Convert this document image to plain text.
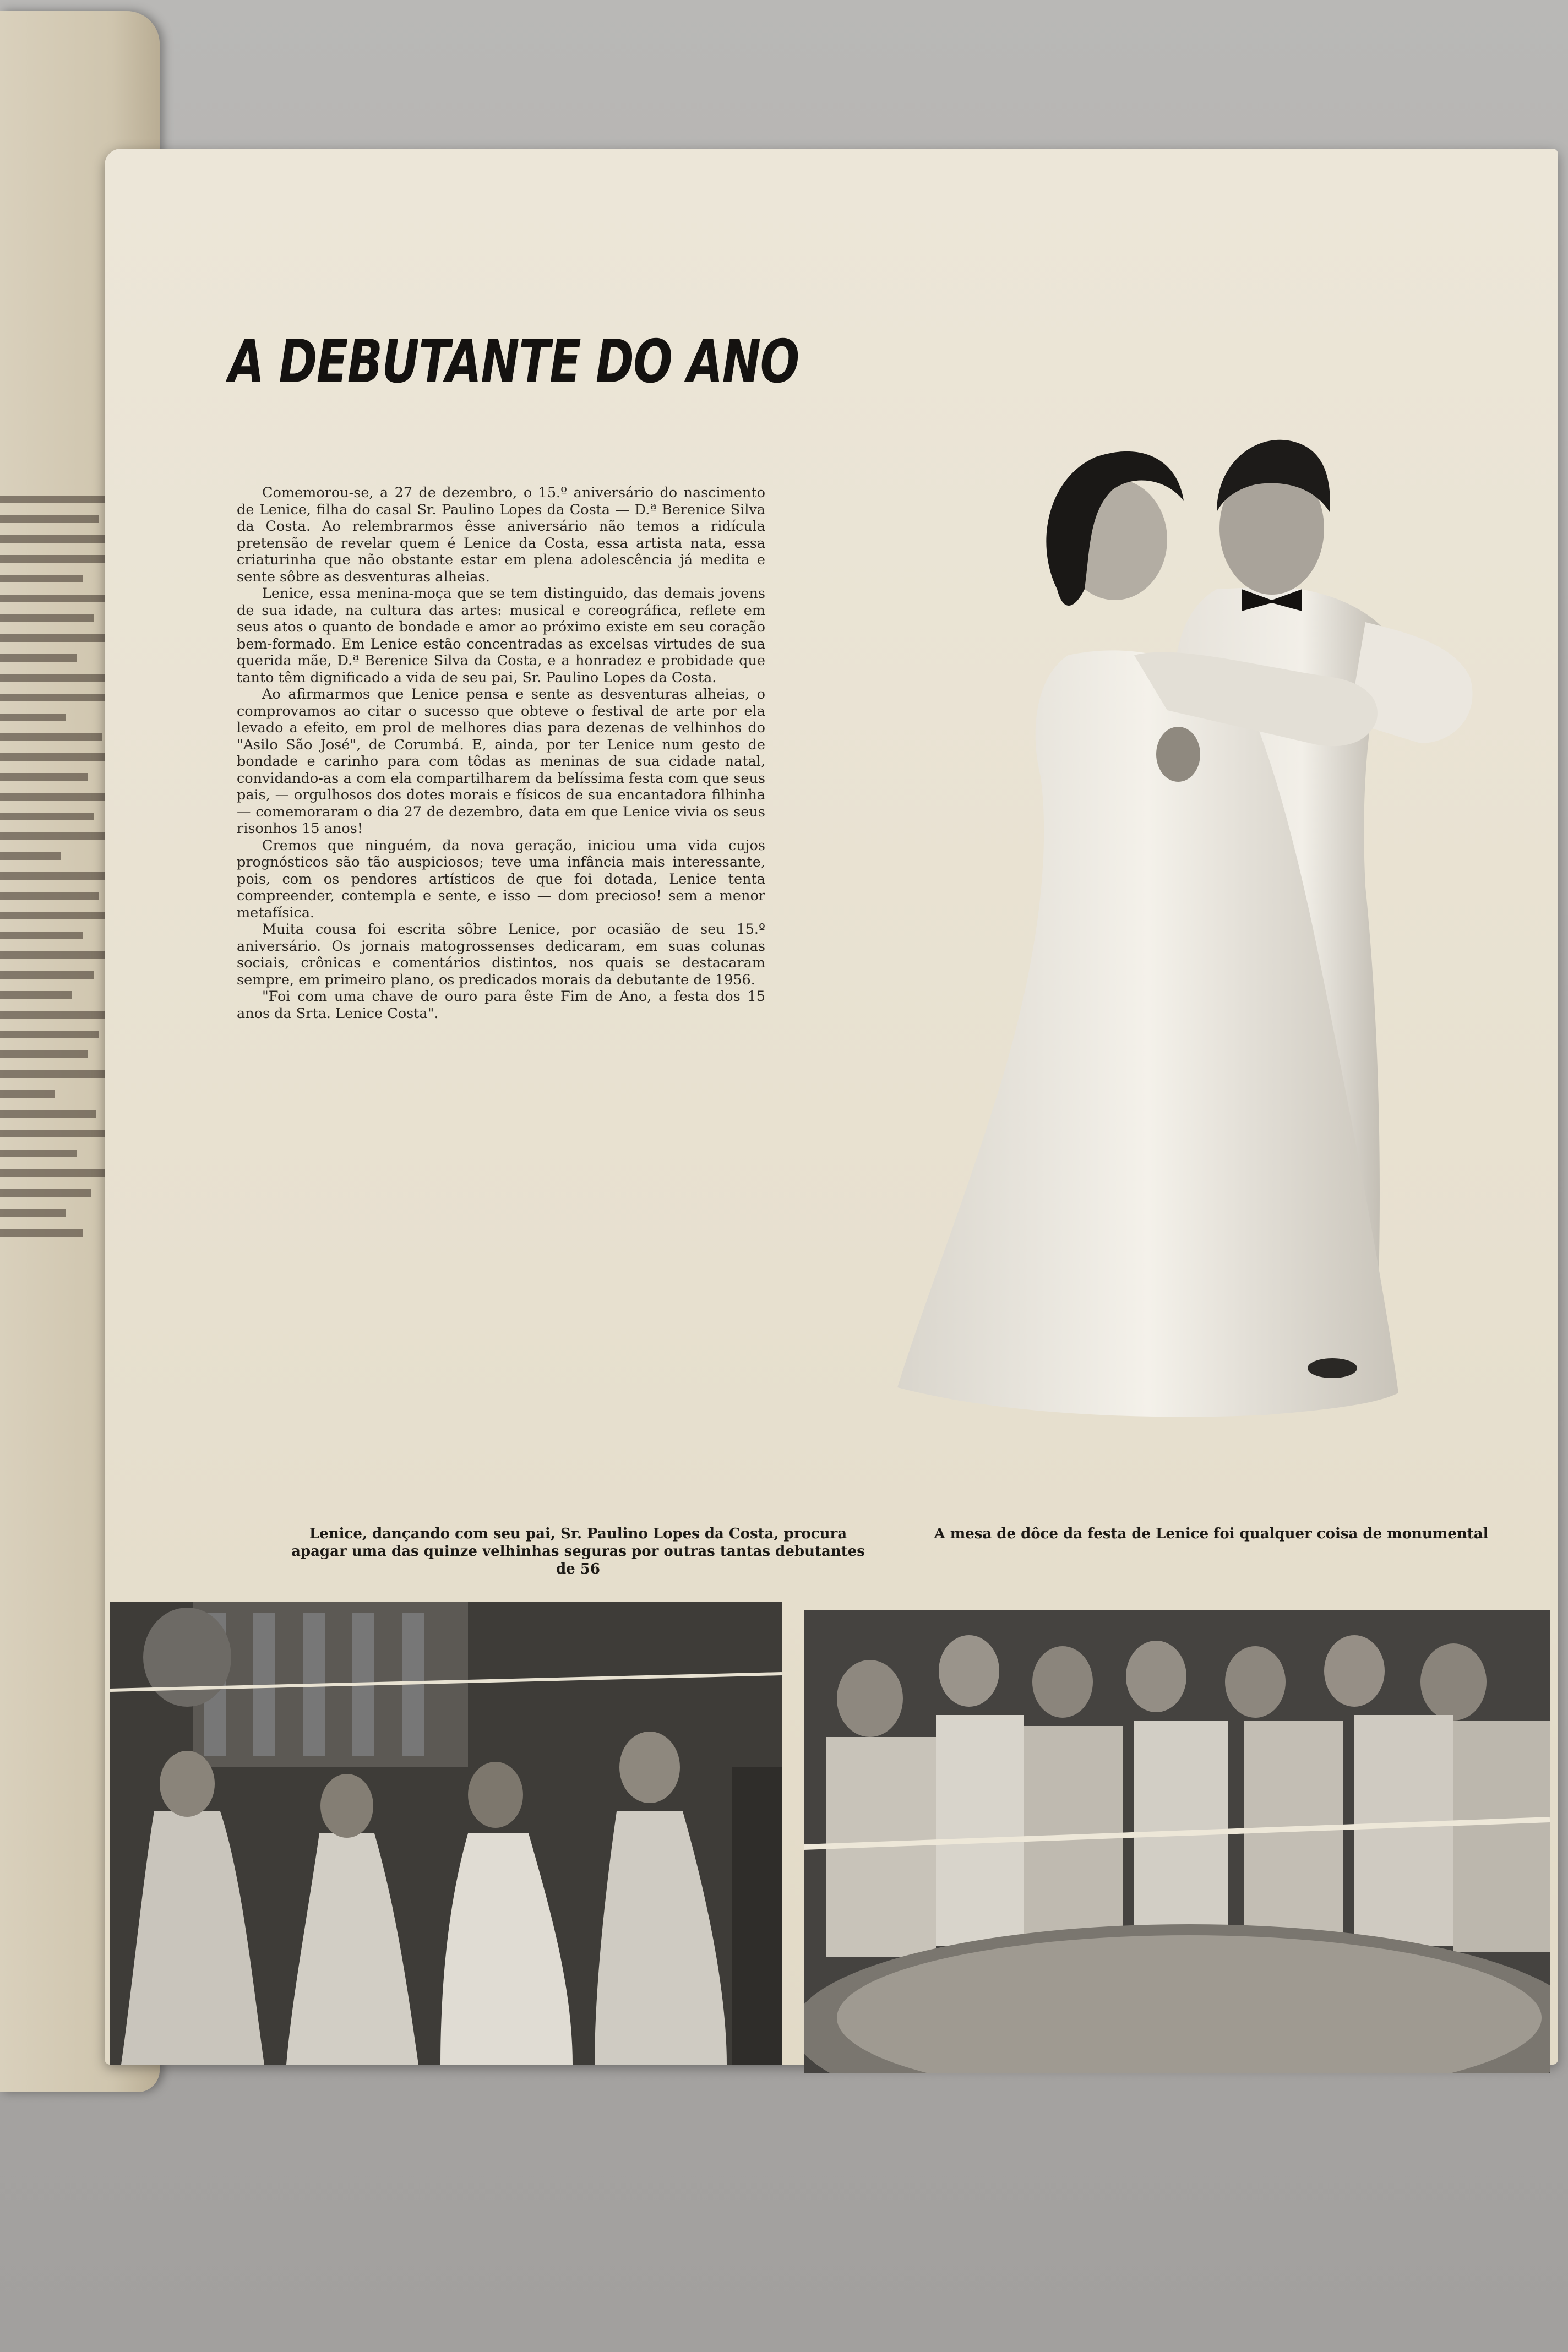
A DEBUTANTE DO ANO

Comemorou-se, a 27 de dezembro, o 15.º aniversário do nascimento de Lenice, filha do casal Sr. Paulino Lopes da Costa — D.ª Berenice Silva da Costa. Ao relembrarmos êsse aniversário não temos a ridícula pretensão de revelar quem é Lenice da Costa, essa artista nata, essa criaturinha que não obstante estar em plena adolescência já medita e sente sôbre as desventuras alheias.

Lenice, essa menina-moça que se tem distinguido, das demais jovens de sua idade, na cultura das artes: musical e coreográfica, reflete em seus atos o quanto de bondade e amor ao próximo existe em seu coração bem-formado. Em Lenice estão concentradas as excelsas virtudes de sua querida mãe, D.ª Berenice Silva da Costa, e a honradez e probidade que tanto têm dignificado a vida de seu pai, Sr. Paulino Lopes da Costa.

Ao afirmarmos que Lenice pensa e sente as desventuras alheias, o comprovamos ao citar o sucesso que obteve o festival de arte por ela levado a efeito, em prol de melhores dias para dezenas de velhinhos do "Asilo São José", de Corumbá. E, ainda, por ter Lenice num gesto de bondade e carinho para com tôdas as meninas de sua cidade natal, convidando-as a com ela compartilharem da belíssima festa com que seus pais, — orgulhosos dos dotes morais e físicos de sua encantadora filhinha — comemoraram o dia 27 de dezembro, data em que Lenice vivia os seus risonhos 15 anos!

Cremos que ninguém, da nova geração, iniciou uma vida cujos prognósticos são tão auspiciosos; teve uma infância mais interessante, pois, com os pendores artísticos de que foi dotada, Lenice tenta compreender, contempla e sente, e isso — dom precioso! sem a menor metafísica.

Muita cousa foi escrita sôbre Lenice, por ocasião de seu 15.º aniversário. Os jornais matogrossenses dedicaram, em suas colunas sociais, crônicas e comentários distintos, nos quais se destacaram sempre, em primeiro plano, os predicados morais da debutante de 1956.

"Foi com uma chave de ouro para êste Fim de Ano, a festa dos 15 anos da Srta. Lenice Costa".

Lenice, dançando com seu pai, Sr. Paulino Lopes da Costa, procura apagar uma das quinze velhinhas seguras por outras tantas debutantes de 56
A mesa de dôce da festa de Lenice foi qualquer coisa de monumental
